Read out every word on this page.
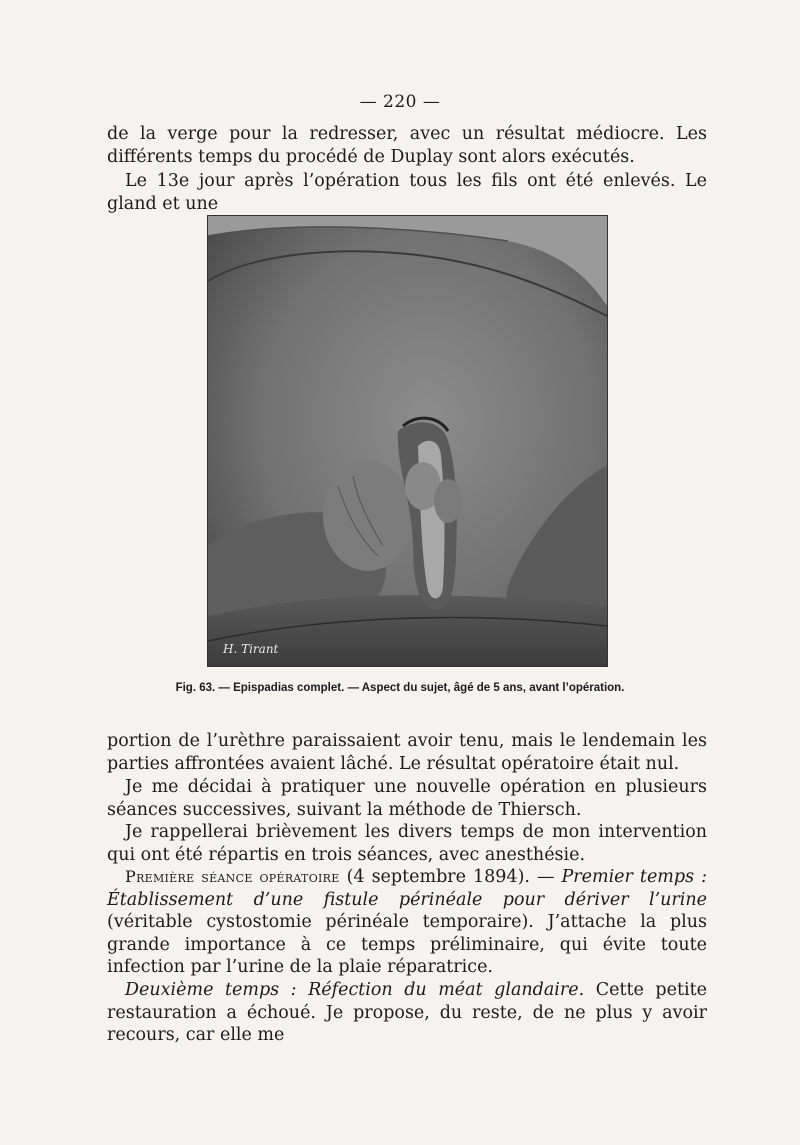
— 220 —

de la verge pour la redresser, avec un résultat médiocre. Les différents temps du procédé de Duplay sont alors exécutés.

Le 13e jour après l’opération tous les fils ont été enlevés. Le gland et une

H. Tirant
Fig. 63. — Epispadias complet. — Aspect du sujet, âgé de 5 ans, avant l’opération.

portion de l’urèthre paraissaient avoir tenu, mais le lendemain les parties affrontées avaient lâché. Le résultat opératoire était nul.

Je me décidai à pratiquer une nouvelle opération en plusieurs séances successives, suivant la méthode de Thiersch.

Je rappellerai brièvement les divers temps de mon intervention qui ont été répartis en trois séances, avec anesthésie.

Première séance opératoire (4 septembre 1894). — Premier temps : Établissement d’une fistule périnéale pour dériver l’urine (véritable cystostomie périnéale temporaire). J’attache la plus grande importance à ce temps préliminaire, qui évite toute infection par l’urine de la plaie réparatrice.

Deuxième temps : Réfection du méat glandaire. Cette petite restauration a échoué. Je propose, du reste, de ne plus y avoir recours, car elle me
